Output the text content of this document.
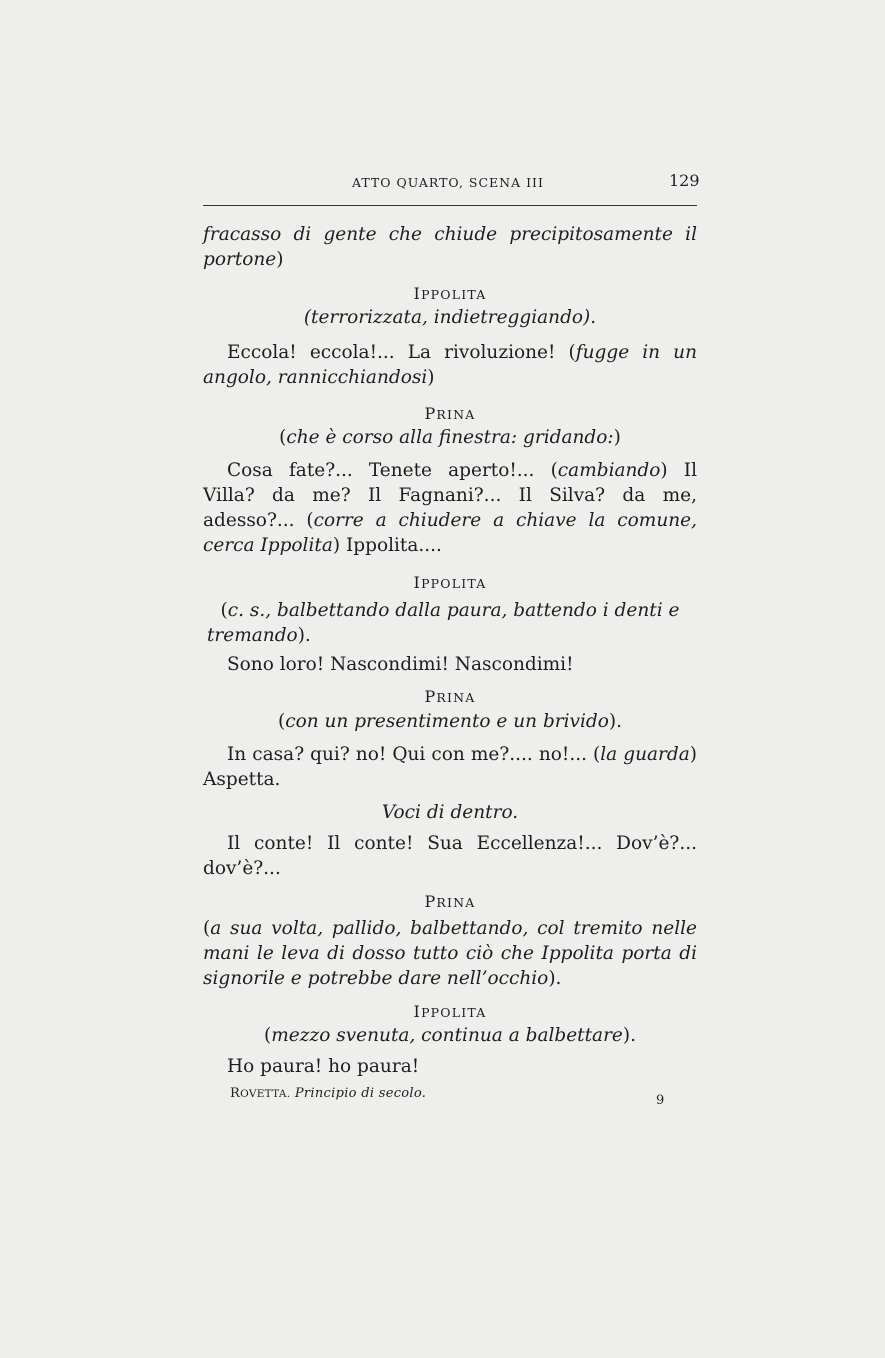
ATTO QUARTO, SCENA III	129
fracasso di gente che chiude precipitosamente il portone)
IPPOLITA
(terrorizzata, indietreggiando).
Eccola! eccola!... La rivoluzione! (fugge in un angolo, rannicchiandosi)
PRINA
(che è corso alla finestra: gridando:)
Cosa fate?... Tenete aperto!... (cambiando) Il Villa? da me? Il Fagnani?... Il Silva? da me, adesso?... (corre a chiudere a chiave la comune, cerca Ippolita) Ippolita....
IPPOLITA
(c. s., balbettando dalla paura, battendo i denti e tremando).
Sono loro! Nascondimi! Nascondimi!
PRINA
(con un presentimento e un brivido).
In casa? qui? no! Qui con me?.... no!... (la guarda) Aspetta.
Voci di dentro.
Il conte! Il conte! Sua Eccellenza!... Dov’è?... dov’è?...
PRINA
(a sua volta, pallido, balbettando, col tremito nelle mani le leva di dosso tutto ciò che Ippolita porta di signorile e potrebbe dare nell’occhio).
IPPOLITA
(mezzo svenuta, continua a balbettare).
Ho paura! ho paura!
ROVETTA. Principio di secolo.	9
